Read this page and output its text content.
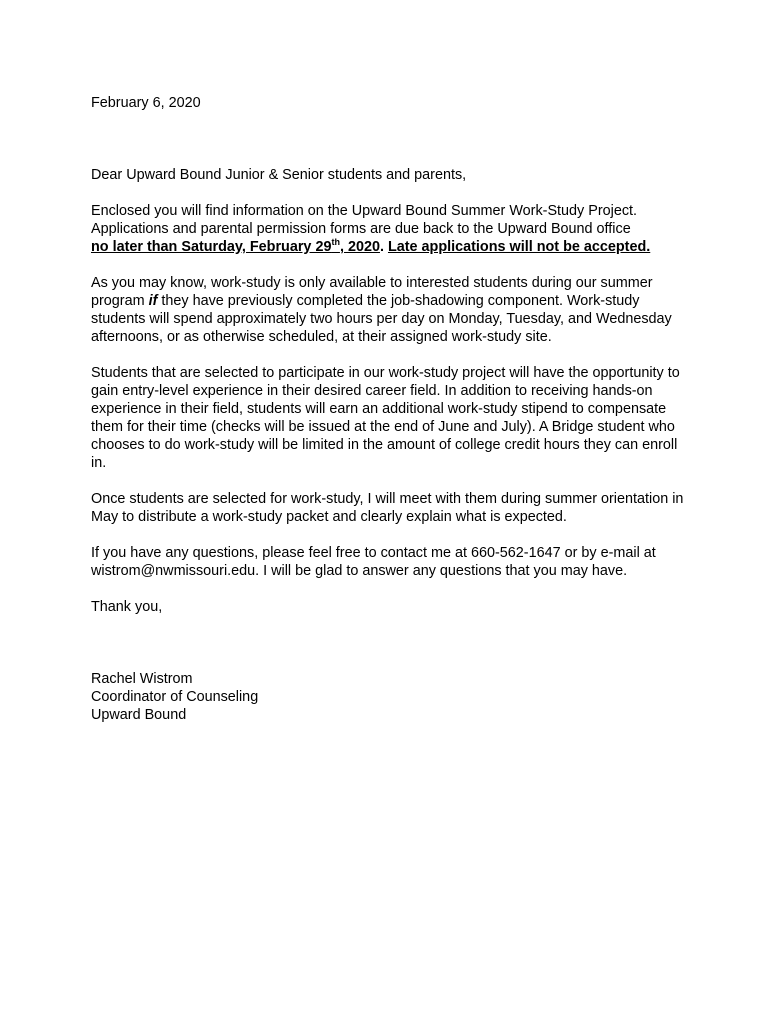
February 6, 2020

Dear Upward Bound Junior & Senior students and parents,

Enclosed you will find information on the Upward Bound Summer Work-Study Project.
Applications and parental permission forms are due back to the Upward Bound office
no later than Saturday, February 29th, 2020. Late applications will not be accepted.

As you may know, work-study is only available to interested students during our summer program if they have previously completed the job-shadowing component. Work-study students will spend approximately two hours per day on Monday, Tuesday, and Wednesday afternoons, or as otherwise scheduled, at their assigned work-study site.

Students that are selected to participate in our work-study project will have the opportunity to gain entry-level experience in their desired career field. In addition to receiving hands-on experience in their field, students will earn an additional work-study stipend to compensate them for their time (checks will be issued at the end of June and July). A Bridge student who chooses to do work-study will be limited in the amount of college credit hours they can enroll in.

Once students are selected for work-study, I will meet with them during summer orientation in May to distribute a work-study packet and clearly explain what is expected.

If you have any questions, please feel free to contact me at 660-562-1647 or by e-mail at wistrom@nwmissouri.edu. I will be glad to answer any questions that you may have.

Thank you,

Rachel Wistrom
Coordinator of Counseling
Upward Bound
